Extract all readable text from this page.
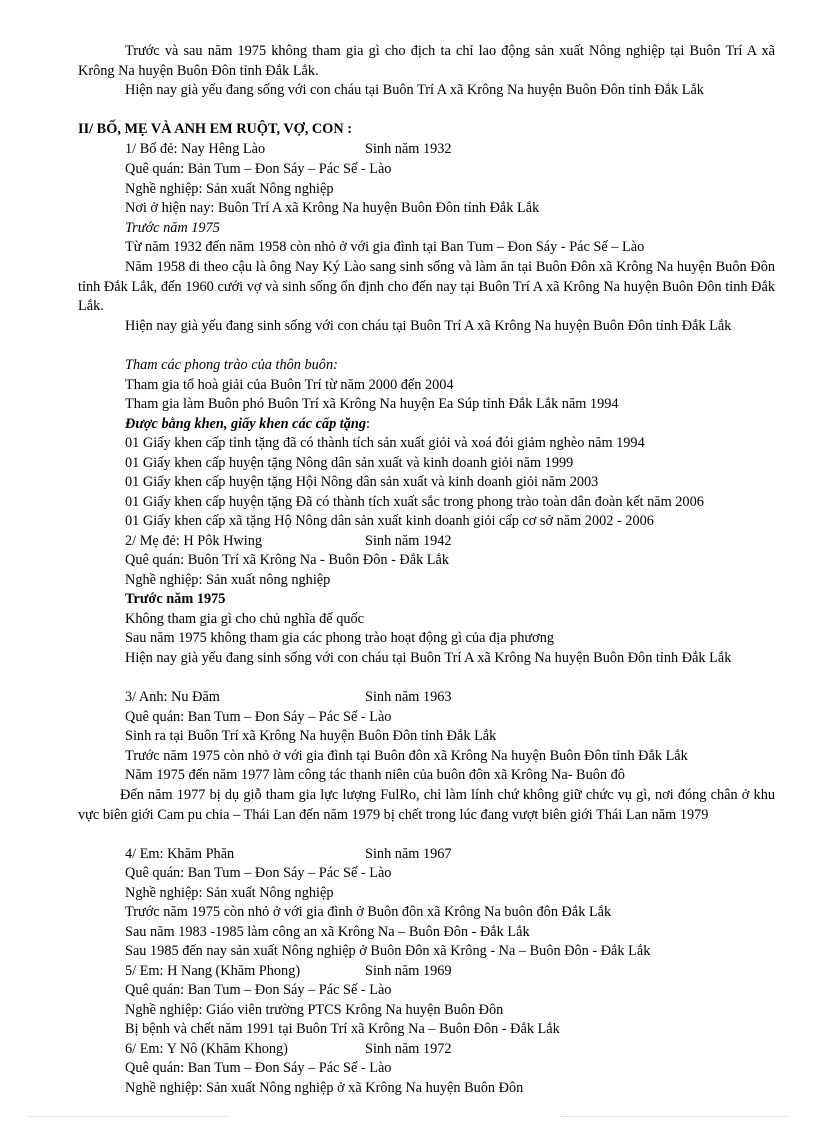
Trước và sau năm 1975 không tham gia gì cho địch ta chỉ lao động sản xuất Nông nghiệp tại Buôn Trí A xã Krông Na huyện Buôn Đôn tỉnh Đắk Lắk.
Hiện nay già yếu đang sống với con cháu tại Buôn Trí A xã Krông Na huyện Buôn Đôn tỉnh Đắk Lắk
II/ BỐ, MẸ VÀ ANH EM RUỘT, VỢ, CON :
1/ Bố đẻ: Nay Hêng Lào	Sinh năm 1932
Quê quán: Bản Tum – Đon Sáy – Pác Sế - Lào
Nghề nghiệp: Sản xuất Nông nghiệp
Nơi ở hiện nay: Buôn Trí A xã Krông Na huyện Buôn Đôn tỉnh Đắk Lắk
Trước năm 1975
Từ năm 1932 đến năm 1958 còn nhỏ ở với gia đình tại Ban Tum – Đon Sáy - Pác Sế – Lào
Năm 1958 đi theo cậu là ông Nay Ký Lào sang sinh sống và làm ăn tại Buôn Đôn xã Krông Na huyện Buôn Đôn tỉnh Đắk Lắk, đến 1960 cưới vợ và sinh sống ổn định cho đến nay tại Buôn Trí A xã Krông Na huyện Buôn Đôn tỉnh Đắk Lắk.
Hiện nay già yếu đang sinh sống với con cháu tại Buôn Trí A xã Krông Na huyện Buôn Đôn tỉnh Đắk Lắk
Tham các phong trào của thôn buôn:
Tham gia tổ hoà giải của Buôn Trí từ năm 2000 đến 2004
Tham gia làm Buôn phó Buôn Trí xã Krông Na huyện Ea Súp tỉnh Đắk Lắk năm 1994
Được bằng khen, giấy khen các cấp tặng:
01 Giấy khen cấp tỉnh tặng đã có thành tích sản xuất giỏi và xoá đói giảm nghèo năm 1994
01 Giấy khen cấp huyện tặng Nông dân sản xuất và kinh doanh giỏi năm 1999
01 Giấy khen cấp huyện tặng Hội Nông dân sản xuất và kinh doanh giỏi năm 2003
01 Giấy khen cấp huyện tặng Đã có thành tích xuất sắc trong phong trào toàn dân đoàn kết năm 2006
01 Giấy khen cấp xã tặng Hộ Nông dân sản xuất kinh doanh giỏi cấp cơ sở năm 2002 - 2006
2/ Mẹ đẻ: H Pôk Hwing	Sinh năm 1942
Quê quán: Buôn Trí xã Krông Na - Buôn Đôn - Đắk Lắk
Nghề nghiệp: Sản xuất nông nghiệp
Trước năm 1975
Không tham gia gì cho chủ nghĩa đế quốc
Sau năm 1975 không tham gia các phong trào hoạt động gì của địa phương
Hiện nay già yếu đang sinh sống với con cháu tại Buôn Trí A xã Krông Na huyện Buôn Đôn tỉnh Đắk Lắk
3/ Anh: Nu Đăm	Sinh năm 1963
Quê quán: Ban Tum – Đon Sáy – Pác Sế - Lào
Sinh ra tại Buôn Trí xã Krông Na huyện Buôn Đôn tỉnh Đắk Lắk
Trước năm 1975 còn nhỏ ở với gia đình tại Buôn đôn xã Krông Na huyện Buôn Đôn tỉnh Đắk Lắk
Năm 1975 đến năm 1977 làm công tác thanh niên của buôn đôn xã Krông Na- Buôn đô
Đến năm 1977 bị dụ giỗ tham gia lực lượng FulRo, chỉ làm lính chứ không giữ chức vụ gì, nơi đóng chân ở khu vực biên giới Cam pu chia – Thái Lan đến năm 1979 bị chết trong lúc đang vượt biên giới Thái Lan năm 1979
4/ Em: Khăm Phăn	Sinh năm 1967
Quê quán: Ban Tum – Đon Sáy – Pác Sế - Lào
Nghề nghiệp: Sản xuất Nông nghiệp
Trước năm 1975 còn nhỏ ở với gia đình ở Buôn đôn xã Krông Na buôn đôn Đắk Lắk
Sau năm 1983 -1985 làm công an xã Krông Na – Buôn Đôn - Đắk Lắk
Sau 1985 đến nay sản xuất Nông nghiệp ở Buôn Đôn xã Krông - Na – Buôn Đôn - Đắk Lắk
5/ Em: H Nang (Khăm Phong)	Sinh năm 1969
Quê quán: Ban Tum – Đon Sáy – Pác Sế - Lào
Nghề nghiệp: Giáo viên trường PTCS Krông Na huyện Buôn Đôn
Bị bệnh và chết năm 1991 tại Buôn Trí xã Krông Na – Buôn Đôn - Đắk Lắk
6/ Em: Y Nô (Khăm Khong)	Sinh năm 1972
Quê quán: Ban Tum – Đon Sáy – Pác Sế - Lào
Nghề nghiệp: Sản xuất Nông nghiệp ở xã Krông Na huyện Buôn Đôn
